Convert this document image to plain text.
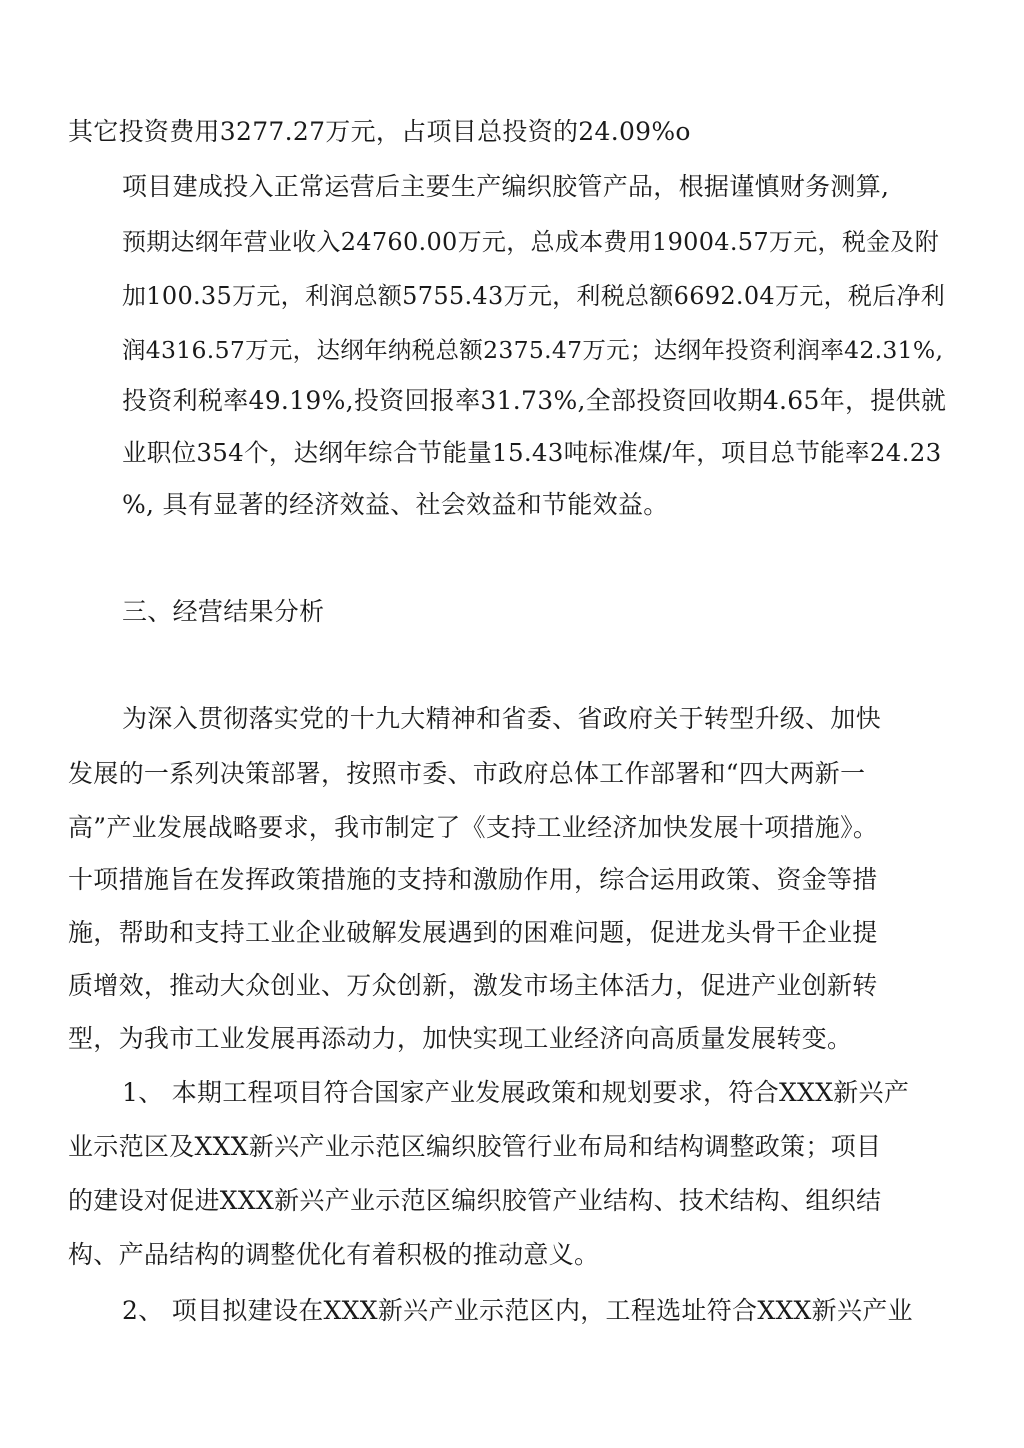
其它投资费用3277.27万元，占项目总投资的24.09%o

项目建成投入正常运营后主要生产编织胶管产品，根据谨慎财务测算,

预期达纲年营业收入24760.00万元，总成本费用19004.57万元，税金及附

加100.35万元，利润总额5755.43万元，利税总额6692.04万元，税后净利

润4316.57万元，达纲年纳税总额2375.47万元；达纲年投资利润率42.31%,

投资利税率49.19%,投资回报率31.73%,全部投资回收期4.65年，提供就

业职位354个，达纲年综合节能量15.43吨标准煤/年，项目总节能率24.23

%, 具有显著的经济效益、社会效益和节能效益。

三、经营结果分析

为深入贯彻落实党的十九大精神和省委、省政府关于转型升级、加快

发展的一系列决策部署，按照市委、市政府总体工作部署和“四大两新一

高”产业发展战略要求，我市制定了《支持工业经济加快发展十项措施》。

十项措施旨在发挥政策措施的支持和激励作用，综合运用政策、资金等措

施，帮助和支持工业企业破解发展遇到的困难问题，促进龙头骨干企业提

质增效，推动大众创业、万众创新，激发市场主体活力，促进产业创新转

型，为我市工业发展再添动力，加快实现工业经济向高质量发展转变。

1、 本期工程项目符合国家产业发展政策和规划要求，符合XXX新兴产

业示范区及XXX新兴产业示范区编织胶管行业布局和结构调整政策；项目

的建设对促进XXX新兴产业示范区编织胶管产业结构、技术结构、组织结

构、产品结构的调整优化有着积极的推动意义。

2、 项目拟建设在XXX新兴产业示范区内，工程选址符合XXX新兴产业
